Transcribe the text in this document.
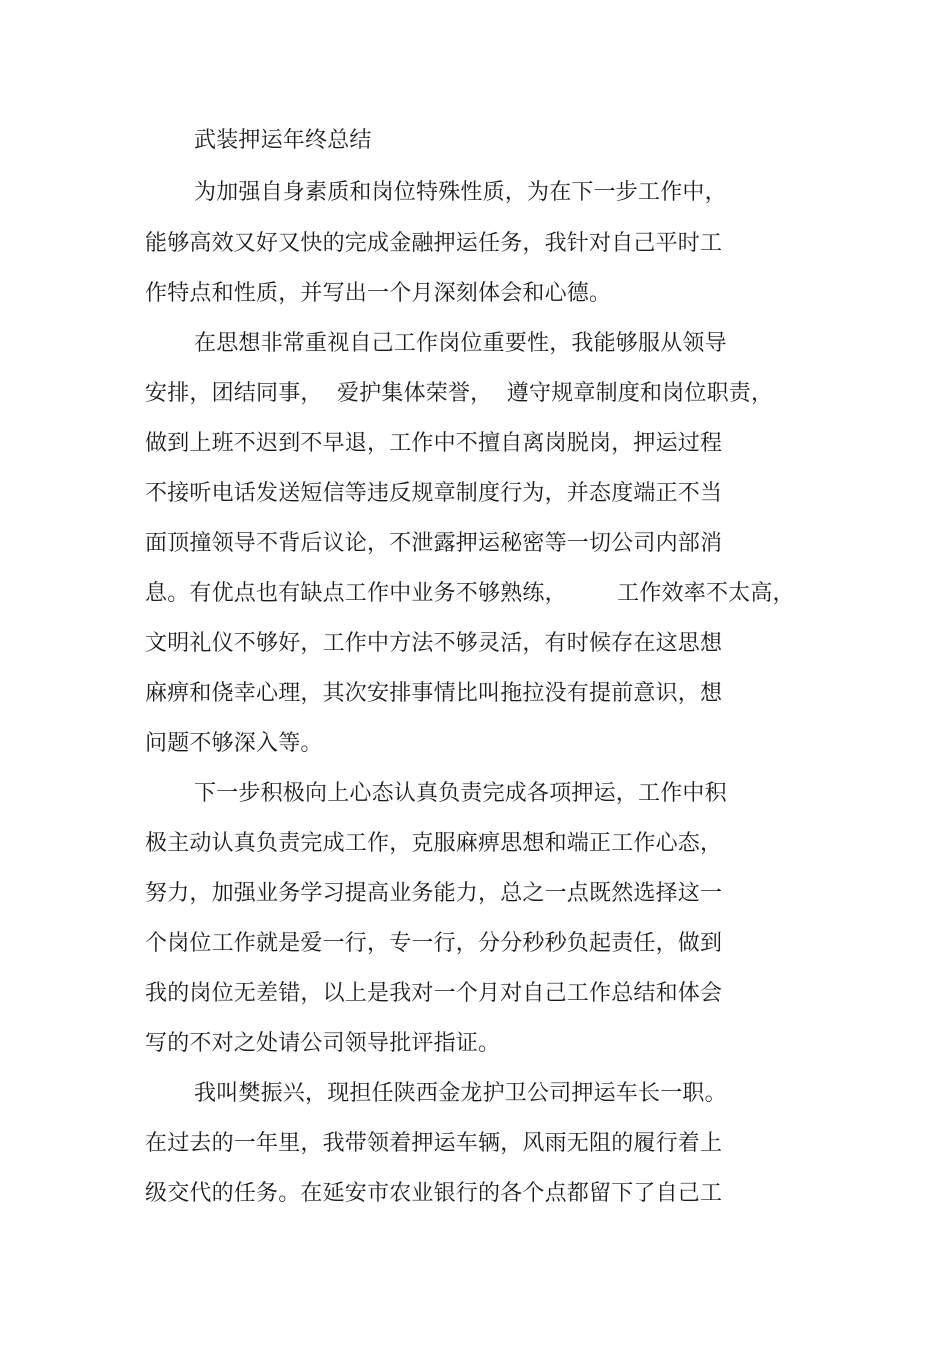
武装押运年终总结
为加强自身素质和岗位特殊性质，为在下一步工作中，
能够高效又好又快的完成金融押运任务，我针对自己平时工
作特点和性质，并写出一个月深刻体会和心德。
在思想非常重视自己工作岗位重要性，我能够服从领导
安排，团结同事，  爱护集体荣誉，  遵守规章制度和岗位职责，
做到上班不迟到不早退，工作中不擅自离岗脱岗，押运过程
不接听电话发送短信等违反规章制度行为，并态度端正不当
面顶撞领导不背后议论，不泄露押运秘密等一切公司内部消
息。有优点也有缺点工作中业务不够熟练，       工作效率不太高，
文明礼仪不够好，工作中方法不够灵活，有时候存在这思想
麻痹和侥幸心理，其次安排事情比叫拖拉没有提前意识，想
问题不够深入等。
下一步积极向上心态认真负责完成各项押运，工作中积
极主动认真负责完成工作，克服麻痹思想和端正工作心态，
努力，加强业务学习提高业务能力，总之一点既然选择这一
个岗位工作就是爱一行，专一行，分分秒秒负起责任，做到
我的岗位无差错，以上是我对一个月对自己工作总结和体会
写的不对之处请公司领导批评指证。
我叫樊振兴，现担任陕西金龙护卫公司押运车长一职。
在过去的一年里，我带领着押运车辆，风雨无阻的履行着上
级交代的任务。在延安市农业银行的各个点都留下了自己工
